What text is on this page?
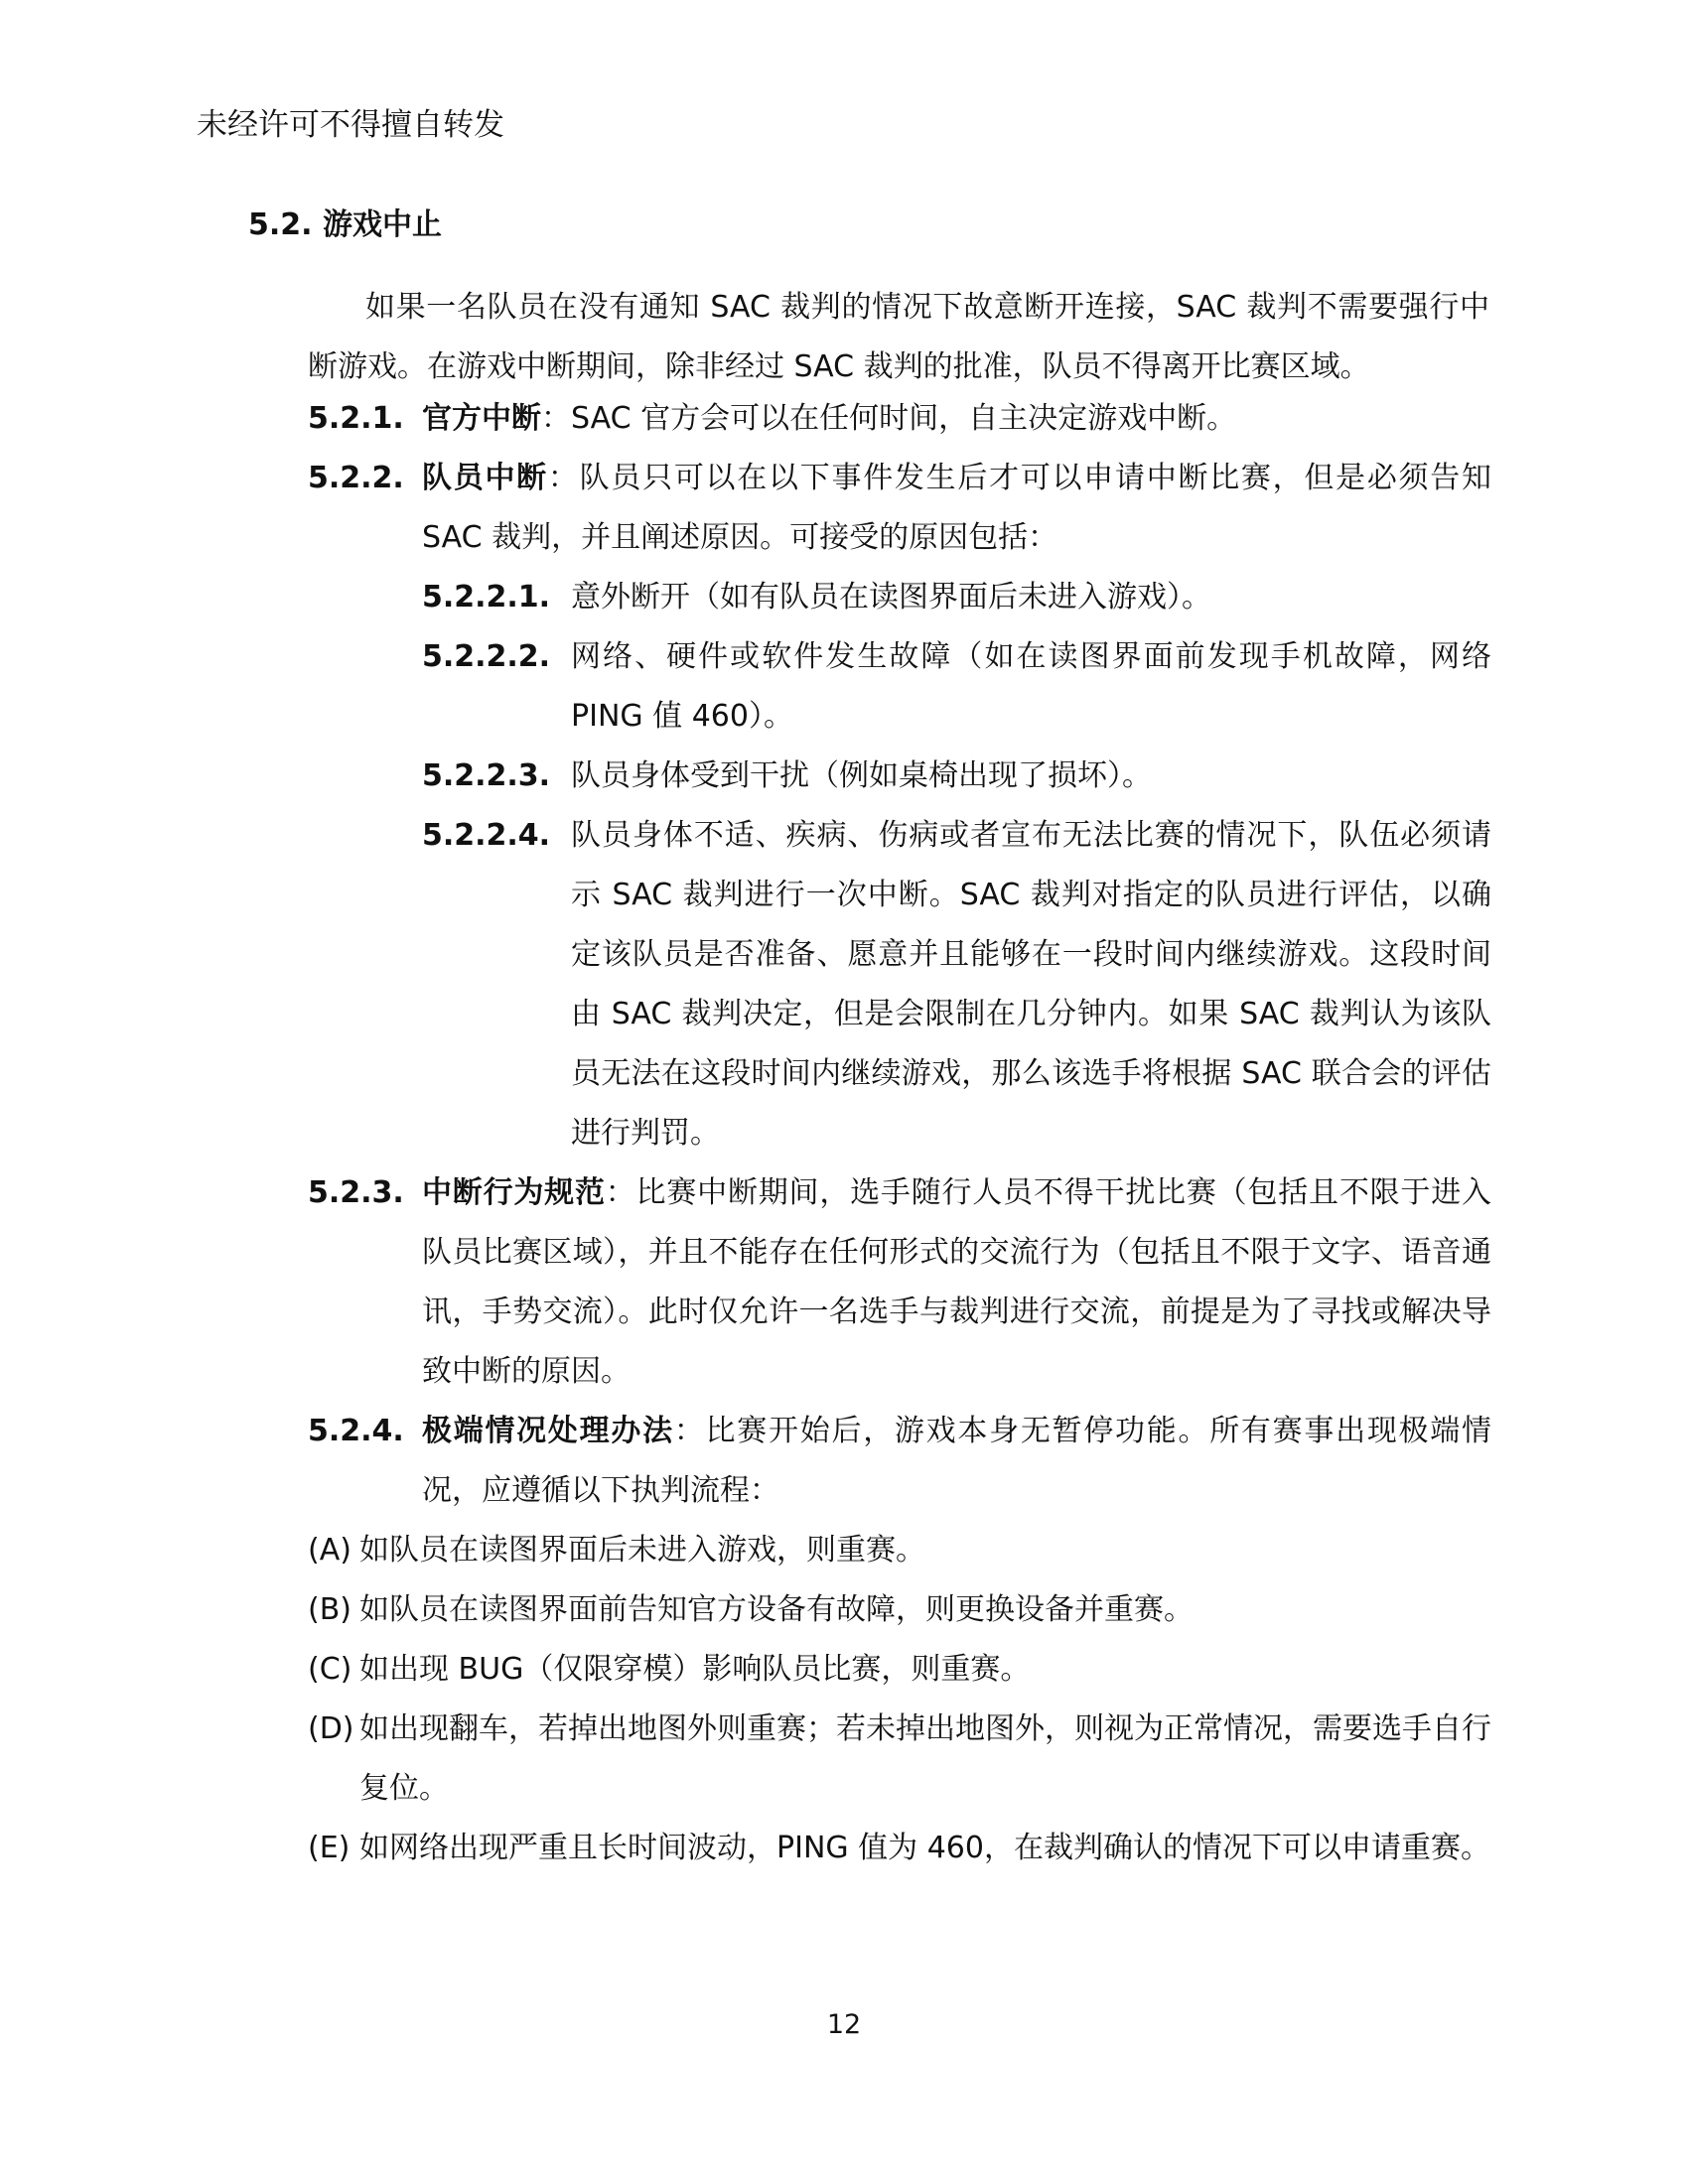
未经许可不得擅自转发
5.2. 游戏中止
如果一名队员在没有通知 SAC 裁判的情况下故意断开连接，SAC 裁判不需要强行中断游戏。在游戏中断期间，除非经过 SAC 裁判的批准，队员不得离开比赛区域。
5.2.1. 官方中断：SAC 官方会可以在任何时间，自主决定游戏中断。
5.2.2. 队员中断：队员只可以在以下事件发生后才可以申请中断比赛，但是必须告知 SAC 裁判，并且阐述原因。可接受的原因包括：
5.2.2.1. 意外断开（如有队员在读图界面后未进入游戏）。
5.2.2.2. 网络、硬件或软件发生故障（如在读图界面前发现手机故障，网络 PING 值 460）。
5.2.2.3. 队员身体受到干扰（例如桌椅出现了损坏）。
5.2.2.4. 队员身体不适、疾病、伤病或者宣布无法比赛的情况下，队伍必须请示 SAC 裁判进行一次中断。SAC 裁判对指定的队员进行评估，以确定该队员是否准备、愿意并且能够在一段时间内继续游戏。这段时间由 SAC 裁判决定，但是会限制在几分钟内。如果 SAC 裁判认为该队员无法在这段时间内继续游戏，那么该选手将根据 SAC 联合会的评估进行判罚。
5.2.3. 中断行为规范：比赛中断期间，选手随行人员不得干扰比赛（包括且不限于进入队员比赛区域），并且不能存在任何形式的交流行为（包括且不限于文字、语音通讯，手势交流）。此时仅允许一名选手与裁判进行交流，前提是为了寻找或解决导致中断的原因。
5.2.4. 极端情况处理办法：比赛开始后，游戏本身无暂停功能。所有赛事出现极端情况，应遵循以下执判流程：
(A) 如队员在读图界面后未进入游戏，则重赛。
(B) 如队员在读图界面前告知官方设备有故障，则更换设备并重赛。
(C) 如出现 BUG（仅限穿模）影响队员比赛，则重赛。
(D) 如出现翻车，若掉出地图外则重赛；若未掉出地图外，则视为正常情况，需要选手自行复位。
(E) 如网络出现严重且长时间波动，PING 值为 460，在裁判确认的情况下可以申请重赛。
12
